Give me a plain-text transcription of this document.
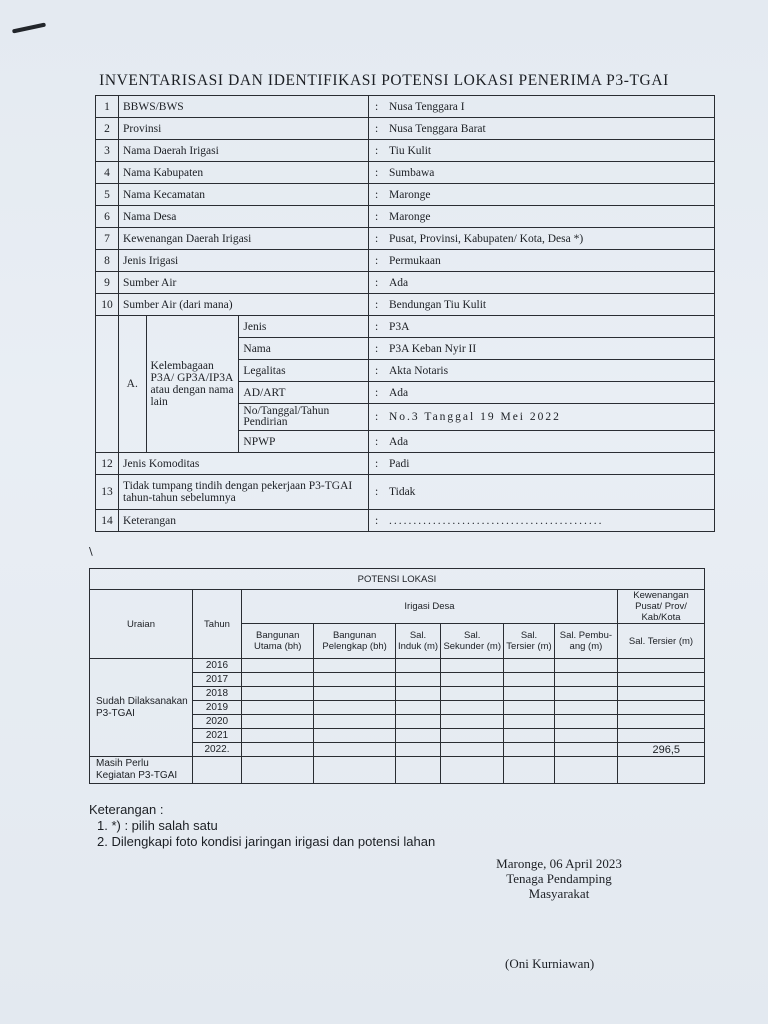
INVENTARISASI DAN IDENTIFIKASI POTENSI LOKASI PENERIMA P3-TGAI
1	BBWS/BWS			: Nusa Tenggara I
2	Provinsi			: Nusa Tenggara Barat
3	Nama Daerah Irigasi			: Tiu Kulit
4	Nama Kabupaten			: Sumbawa
5	Nama Kecamatan			: Maronge
6	Nama Desa			: Maronge
7	Kewenangan Daerah Irigasi			: Pusat, Provinsi, Kabupaten/ Kota, Desa *)
8	Jenis Irigasi			: Permukaan
9	Sumber Air			: Ada
10	Sumber Air (dari mana)			: Bendungan Tiu Kulit
	A.	Kelembagaan P3A/ GP3A/IP3A atau dengan nama lain	Jenis	: P3A
			Nama	: P3A Keban Nyir II
			Legalitas	: Akta Notaris
			AD/ART	: Ada
			No/Tanggal/Tahun Pendirian	: No.3 Tanggal 19 Mei 2022
			NPWP	: Ada
12	Jenis Komoditas			: Padi
13	Tidak tumpang tindih dengan pekerjaan P3-TGAI tahun-tahun sebelumnya			: Tidak
14	Keterangan			: ............................................
\
POTENSI LOKASI								
Uraian	Tahun	Irigasi Desa						Kewenangan Pusat/ Prov/ Kab/Kota
		Bangunan Utama (bh)	Bangunan Pelengkap (bh)	Sal. Induk (m)	Sal. Sekunder (m)	Sal. Tersier (m)	Sal. Pembu-ang (m)	Sal. Tersier (m)
Sudah Dilaksanakan P3-TGAI	2016							
	2017							
	2018							
	2019							
	2020							
	2021							
	2022.							296,5
Masih Perlu Kegiatan P3-TGAI								
Keterangan :
1. *) : pilih salah satu
2. Dilengkapi foto kondisi jaringan irigasi dan potensi lahan
Maronge, 06 April 2023
Tenaga Pendamping
Masyarakat
(Oni Kurniawan)
